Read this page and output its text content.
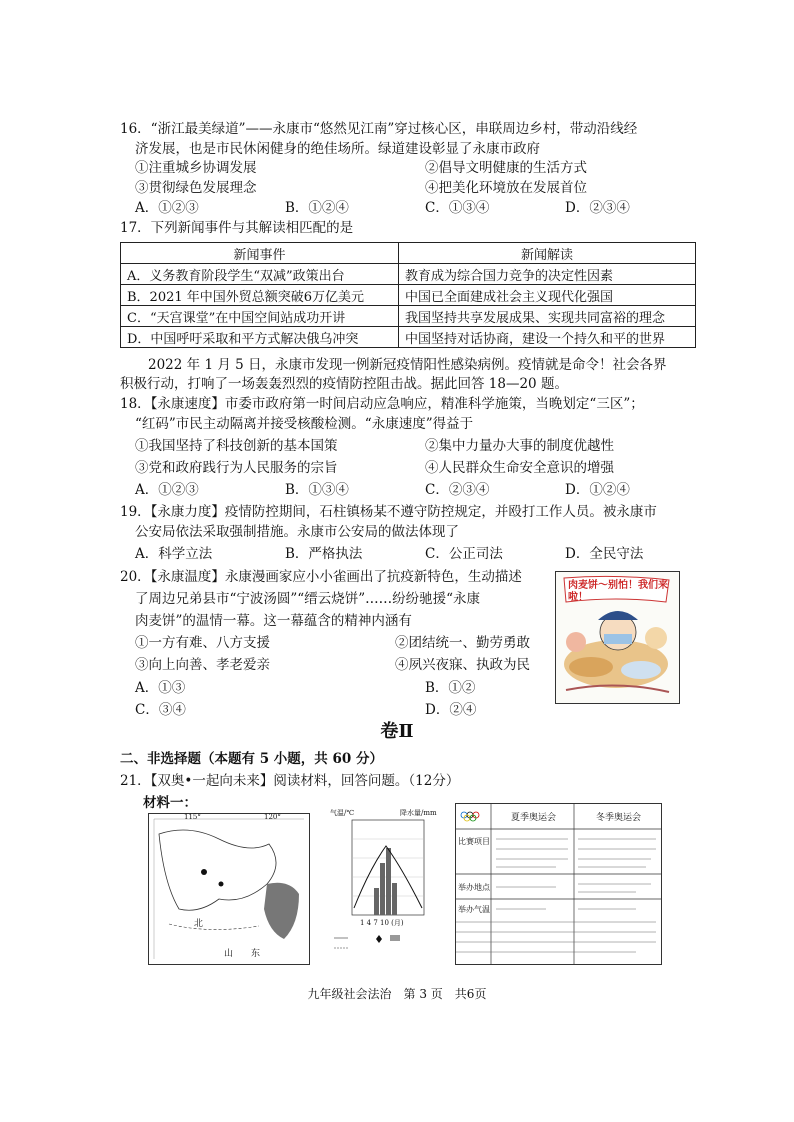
16．“浙江最美绿道”——永康市“悠然见江南”穿过核心区，串联周边乡村，带动沿线经
济发展，也是市民休闲健身的绝佳场所。绿道建设彰显了永康市政府
①注重城乡协调发展	②倡导文明健康的生活方式
③贯彻绿色发展理念	④把美化环境放在发展首位
A．①②③	B．①②④	C．①③④	D．②③④
17．下列新闻事件与其解读相匹配的是
新闻事件	新闻解读
A．义务教育阶段学生“双减”政策出台	教育成为综合国力竞争的决定性因素
B．2021 年中国外贸总额突破6万亿美元	中国已全面建成社会主义现代化强国
C．“天宫课堂”在中国空间站成功开讲	我国坚持共享发展成果、实现共同富裕的理念
D．中国呼吁采取和平方式解决俄乌冲突	中国坚持对话协商，建设一个持久和平的世界
2022 年 1 月 5 日，永康市发现一例新冠疫情阳性感染病例。疫情就是命令！社会各界
积极行动，打响了一场轰轰烈烈的疫情防控阻击战。据此回答 18—20 题。
18．【永康速度】市委市政府第一时间启动应急响应，精准科学施策，当晚划定“三区”；
“红码”市民主动隔离并接受核酸检测。“永康速度”得益于
①我国坚持了科技创新的基本国策	②集中力量办大事的制度优越性
③党和政府践行为人民服务的宗旨	④人民群众生命安全意识的增强
A．①②③	B．①③④	C．②③④	D．①②④
19．【永康力度】疫情防控期间，石柱镇杨某不遵守防控规定，并殴打工作人员。被永康市
公安局依法采取强制措施。永康市公安局的做法体现了
A．科学立法	B．严格执法	C．公正司法	D．全民守法
20．【永康温度】永康漫画家应小小雀画出了抗疫新特色，生动描述
了周边兄弟县市“宁波汤圆”“缙云烧饼”……纷纷驰援“永康
肉麦饼”的温情一幕。这一幕蕴含的精神内涵有
①一方有难、八方支援	②团结统一、勤劳勇敢
③向上向善、孝老爱亲	④夙兴夜寐、执政为民
A．①③	B．①②
C．③④	D．②④
肉麦饼～别怕！我们来啦！
卷Ⅱ
二、非选择题（本题有 5 小题，共 60 分）
21．【双奥•一起向未来】阅读材料，回答问题。（12分）
材料一：
115°	120°
北
山 东
气温/℃	降水量/mm
1 4 7 10 (月)
夏季奥运会	冬季奥运会
比赛项目
举办地点
举办气温
九年级社会法治　第 3 页　共6页
